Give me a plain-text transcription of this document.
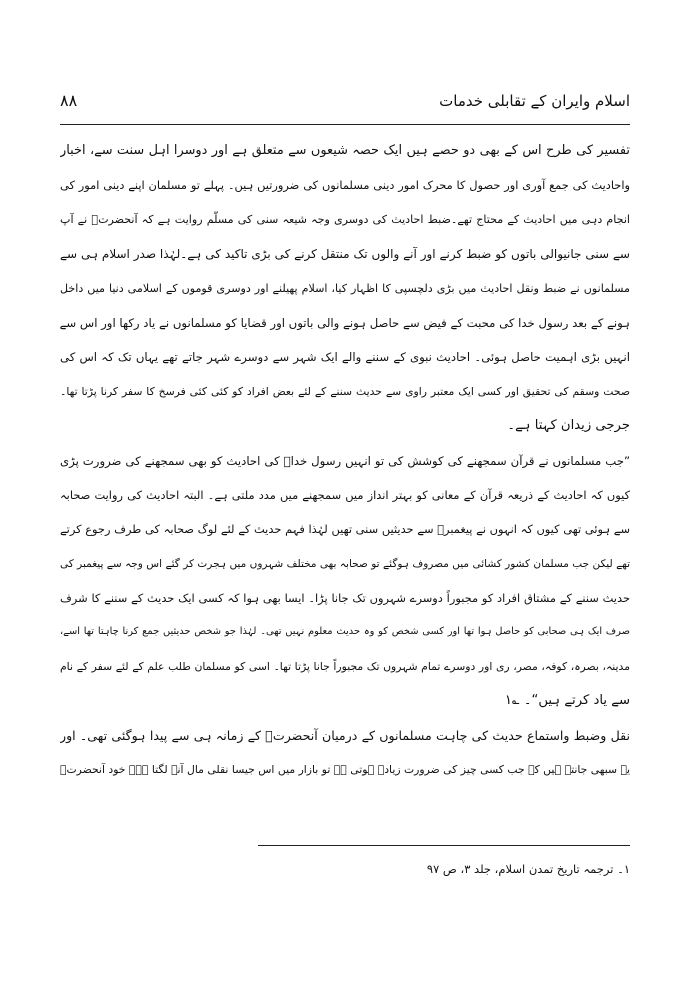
اسلام وایران کے تقابلی خدمات
۸۸
تفسیر کی طرح اس کے بھی دو حصے ہیں ایک حصہ شیعوں سے متعلق ہے اور دوسرا اہل سنت سے، اخبار
واحادیث کی جمع آوری اور حصول کا محرک امور دینی مسلمانوں کی ضرورتیں ہیں۔ پہلے تو مسلمان اپنے دینی امور کی
انجام دہی میں احادیث کے محتاج تھے۔ضبط احادیث کی دوسری وجہ شیعہ سنی کی مسلّم روایت ہے کہ آنحضرتؐ نے آپ
سے سنی جانیوالی باتوں کو ضبط کرنے اور آنے والوں تک منتقل کرنے کی بڑی تاکید کی ہے۔لہٰذا صدر اسلام ہی سے
مسلمانوں نے ضبط ونقل احادیث میں بڑی دلچسپی کا اظہار کیا، اسلام پھیلنے اور دوسری قوموں کے اسلامی دنیا میں داخل
ہونے کے بعد رسول خدا کی محبت کے فیض سے حاصل ہونے والی باتوں اور قضایا کو مسلمانوں نے یاد رکھا اور اس سے
انہیں بڑی اہمیت حاصل ہوئی۔ احادیث نبوی کے سننے والے ایک شہر سے دوسرے شہر جاتے تھے یہاں تک کہ اس کی
صحت وسقم کی تحقیق اور کسی ایک معتبر راوی سے حدیث سننے کے لئے بعض افراد کو کئی کئی فرسخ کا سفر کرنا پڑتا تھا۔
جرجی زیدان کہتا ہے۔
”جب مسلمانوں نے قرآن سمجھنے کی کوشش کی تو انہیں رسول خداؐ کی احادیث کو بھی سمجھنے کی ضرورت پڑی
کیوں کہ احادیث کے ذریعہ قرآن کے معانی کو بہتر انداز میں سمجھنے میں مدد ملتی ہے۔ البتہ احادیث کی روایت صحابہ
سے ہوئی تھی کیوں کہ انہوں نے پیغمبرؐ سے حدیثیں سنی تھیں لہٰذا فہم حدیث کے لئے لوگ صحابہ کی طرف رجوع کرتے
تھے لیکن جب مسلمان کشور کشائی میں مصروف ہوگئے تو صحابہ بھی مختلف شہروں میں ہجرت کر گئے اس وجہ سے پیغمبر کی
حدیث سننے کے مشتاق افراد کو مجبوراً دوسرے شہروں تک جانا پڑا۔ ایسا بھی ہوا کہ کسی ایک حدیث کے سننے کا شرف
صرف ایک ہی صحابی کو حاصل ہوا تھا اور کسی شخص کو وہ حدیث معلوم نہیں تھی۔ لہٰذا جو شخص حدیثیں جمع کرنا چاہتا تھا اسے،
مدینہ، بصرہ، کوفہ، مصر، ری اور دوسرے تمام شہروں تک مجبوراً جانا پڑتا تھا۔ اسی کو مسلمان طلب علم کے لئے سفر کے نام
سے یاد کرتے ہیں“۔ ؎۱
نقل وضبط واستماع حدیث کی چاہت مسلمانوں کے درمیان آنحضرتؐ کے زمانہ ہی سے پیدا ہوگئی تھی۔ اور
یہ سبھی جانتے ہیں کہ جب کسی چیز کی ضرورت زیادہ ہوتی ہے تو بازار میں اس جیسا نقلی مال آنے لگتا ہے۔ خود آنحضرتؐ
۱۔ ترجمہ تاریخ تمدن اسلام، جلد ۳، ص ۹۷
